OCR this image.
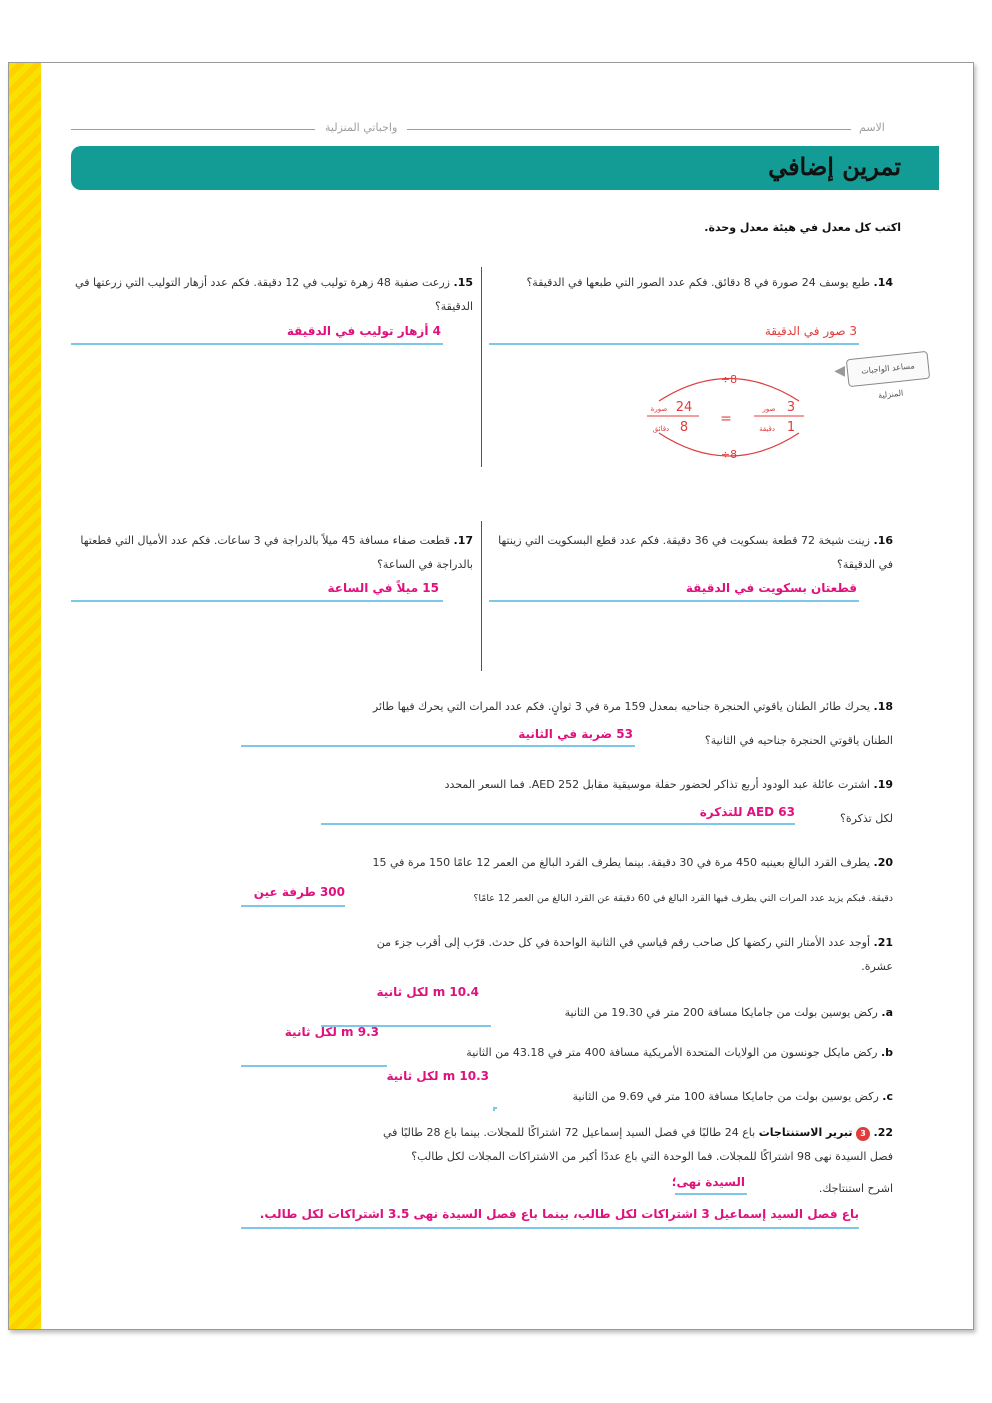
واجباتي المنزلية	الاسم
تمرين إضافي
اكتب كل معدل في هيئة معدل وحدة.
14. طبع يوسف 24 صورة في 8 دقائق. فكم عدد الصور التي طبعها في الدقيقة؟
3 صور في الدقيقة
مساعد الواجبات المنزلية
◀
÷8
÷8
24
صورة
8
دقائق
=
3
صور
1
دقيقة
15. زرعت صفية 48 زهرة توليب في 12 دقيقة. فكم عدد أزهار التوليب التي زرعتها في الدقيقة؟
4 أزهار توليب في الدقيقة
16. زينت شيخة 72 قطعة بسكويت في 36 دقيقة. فكم عدد قطع البسكويت التي زينتها في الدقيقة؟
قطعتان بسكويت في الدقيقة
17. قطعت صفاء مسافة 45 ميلاً بالدراجة في 3 ساعات. فكم عدد الأميال التي قطعتها بالدراجة في الساعة؟
15 ميلاً في الساعة
18. يحرك طائر الطنان ياقوتي الحنجرة جناحيه بمعدل 159 مرة في 3 ثوانٍ. فكم عدد المرات التي يحرك فيها طائر
الطنان ياقوتي الحنجرة جناحيه في الثانية؟
53 ضربة في الثانية
19. اشترت عائلة عبد الودود أربع تذاكر لحضور حفلة موسيقية مقابل AED 252. فما السعر المحدد
لكل تذكرة؟
AED 63 للتذكرة
20. يطرف القرد البالغ بعينيه 450 مرة في 30 دقيقة. بينما يطرف القرد البالغ من العمر 12 عامًا 150 مرة في 15
دقيقة. فبكم يزيد عدد المرات التي يطرف فيها القرد البالغ في 60 دقيقة عن القرد البالغ من العمر 12 عامًا؟
300 طرفة عين
21. أوجد عدد الأمتار التي ركضها كل صاحب رقم قياسي في الثانية الواحدة في كل حدث. قرّب إلى أقرب جزء من
عشرة.
10.4 m لكل ثانية
a. ركض يوسين بولت من جامايكا مسافة 200 متر في 19.30 من الثانية
9.3 m لكل ثانية
b. ركض مايكل جونسون من الولايات المتحدة الأمريكية مسافة 400 متر في 43.18 من الثانية
10.3 m لكل ثانية
c. ركض يوسين بولت من جامايكا مسافة 100 متر في 9.69 من الثانية
22. 3 تبرير الاستنتاجات باع 24 طالبًا في فصل السيد إسماعيل 72 اشتراكًا للمجلات. بينما باع 28 طالبًا في
فصل السيدة نهى 98 اشتراكًا للمجلات. فما الوحدة التي باع عددًا أكبر من الاشتراكات المجلات لكل طالب؟
اشرح استنتاجك.
السيدة نهى؛
باع فصل السيد إسماعيل 3 اشتراكات لكل طالب، بينما باع فصل السيدة نهى 3.5 اشتراكات لكل طالب.
